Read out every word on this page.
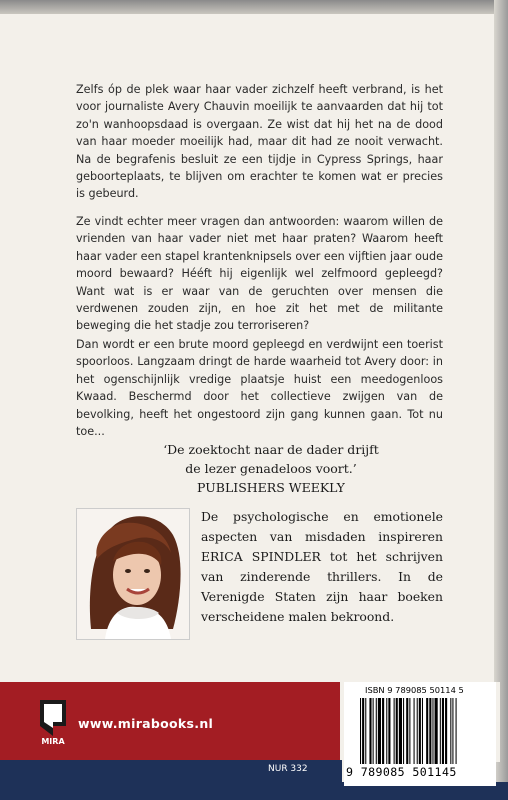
Zelfs óp de plek waar haar vader zichzelf heeft verbrand, is het voor journaliste Avery Chauvin moeilijk te aanvaarden dat hij tot zo'n wanhoopsdaad is overgaan. Ze wist dat hij het na de dood van haar moeder moeilijk had, maar dit had ze nooit verwacht. Na de begrafenis besluit ze een tijdje in Cypress Springs, haar geboorteplaats, te blijven om erachter te komen wat er precies is gebeurd.

Ze vindt echter meer vragen dan antwoorden: waarom willen de vrienden van haar vader niet met haar praten? Waarom heeft haar vader een stapel krantenknipsels over een vijftien jaar oude moord bewaard? Hééft hij eigenlijk wel zelfmoord gepleegd? Want wat is er waar van de geruchten over mensen die verdwenen zouden zijn, en hoe zit het met de militante beweging die het stadje zou terroriseren?

Dan wordt er een brute moord gepleegd en verdwijnt een toerist spoorloos. Langzaam dringt de harde waarheid tot Avery door: in het ogenschijnlijk vredige plaatsje huist een meedogenloos Kwaad. Beschermd door het collectieve zwijgen van de bevolking, heeft het ongestoord zijn gang kunnen gaan. Tot nu toe...

‘De zoektocht naar de dader drijft
de lezer genadeloos voort.’
PUBLISHERS WEEKLY

De psychologische en emotionele aspecten van misdaden inspireren ERICA SPINDLER tot het schrijven van zinderende thrillers. In de Verenigde Staten zijn haar boeken verscheidene malen bekroond.

MIRA
www.mirabooks.nl
NUR 332
ISBN 9 789085 50114 5
9 789085 501145
